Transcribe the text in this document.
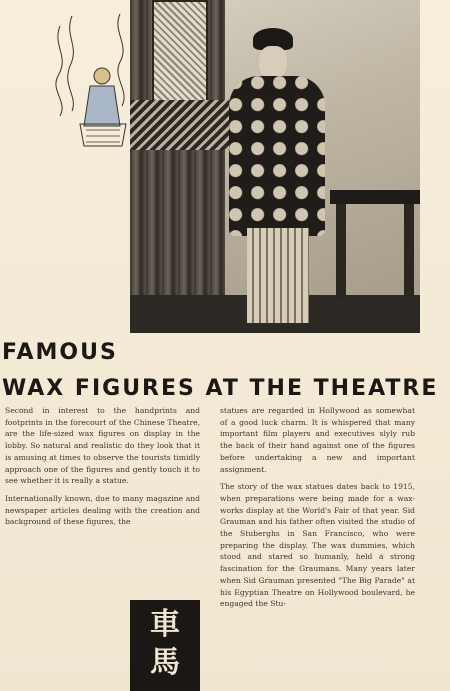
FAMOUS
WAX FIGURES AT THE THEATRE

Second in interest to the handprints and footprints in the forecourt of the Chinese Theatre, are the life-sized wax figures on display in the lobby. So natural and realistic do they look that it is amusing at times to observe the tourists timidly approach one of the figures and gently touch it to see whether it is really a statue.

Internationally known, due to many magazine and newspaper articles dealing with the creation and background of these figures, the

statues are regarded in Hollywood as somewhat of a good luck charm. It is whispered that many important film players and executives slyly rub the back of their hand against one of the figures before undertaking a new and important assignment.

The story of the wax statues dates back to 1915, when preparations were being made for a wax-works display at the World's Fair of that year. Sid Grauman and his father often visited the studio of the Stuberghs in San Francisco, who were preparing the display. The wax dummies, which stood and stared so humanly, held a strong fascination for the Graumans. Many years later when Sid Grauman presented "The Big Parade" at his Egyptian Theatre on Hollywood boulevard, he engaged the Stu-

車
馬
